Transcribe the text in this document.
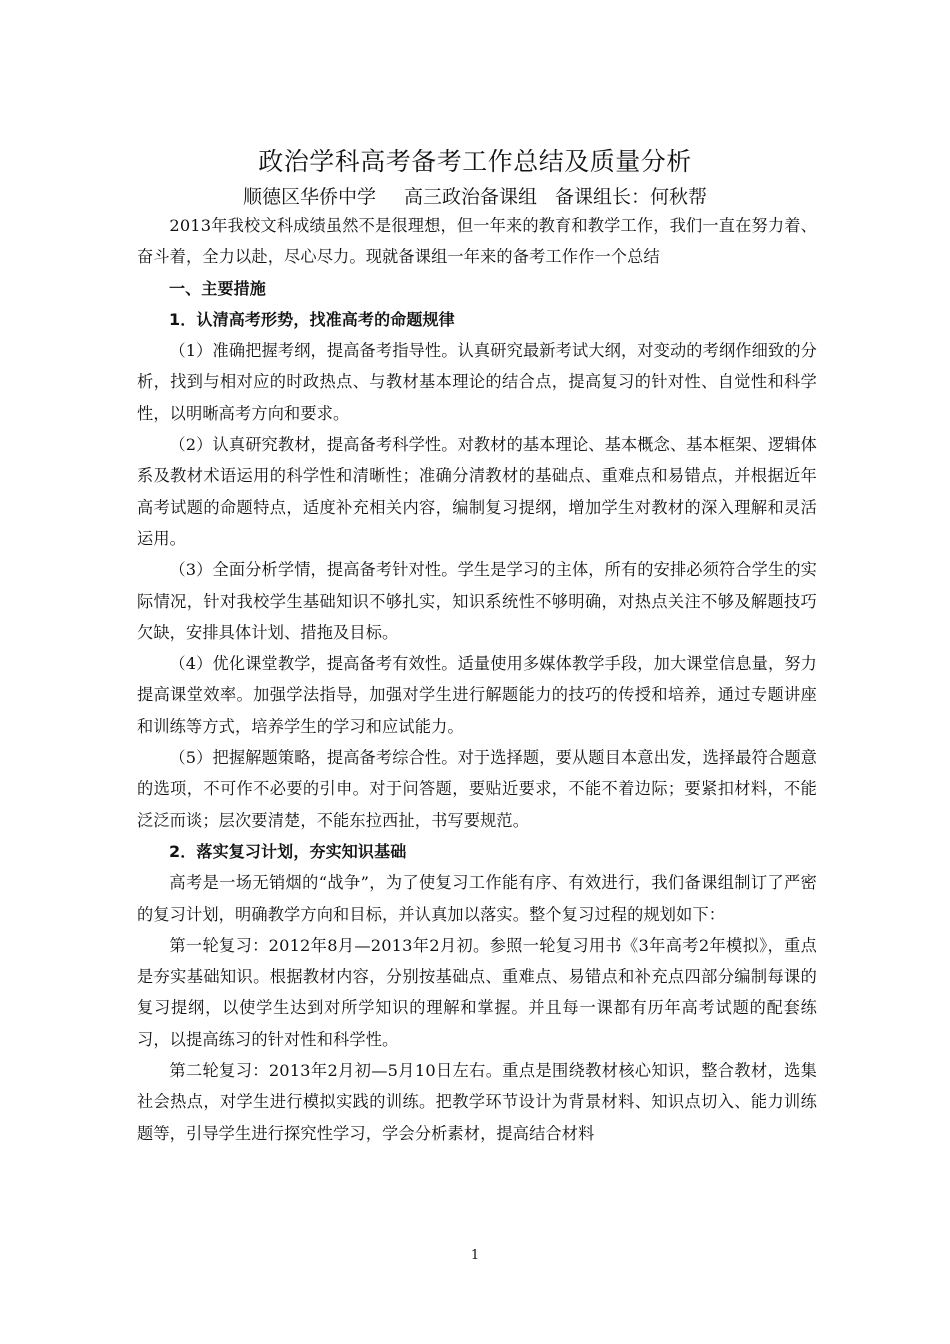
政治学科高考备考工作总结及质量分析
顺德区华侨中学 高三政治备课组 备课组长：何秋帮

2013年我校文科成绩虽然不是很理想，但一年来的教育和教学工作，我们一直在努力着、奋斗着，全力以赴，尽心尽力。现就备课组一年来的备考工作作一个总结

一、主要措施

1．认清高考形势，找准高考的命题规律

（1）准确把握考纲，提高备考指导性。认真研究最新考试大纲，对变动的考纲作细致的分析，找到与相对应的时政热点、与教材基本理论的结合点，提高复习的针对性、自觉性和科学性，以明晰高考方向和要求。

（2）认真研究教材，提高备考科学性。对教材的基本理论、基本概念、基本框架、逻辑体系及教材术语运用的科学性和清晰性；准确分清教材的基础点、重难点和易错点，并根据近年高考试题的命题特点，适度补充相关内容，编制复习提纲，增加学生对教材的深入理解和灵活运用。

（3）全面分析学情，提高备考针对性。学生是学习的主体，所有的安排必须符合学生的实际情况，针对我校学生基础知识不够扎实，知识系统性不够明确，对热点关注不够及解题技巧欠缺，安排具体计划、措拖及目标。

（4）优化课堂教学，提高备考有效性。适量使用多媒体教学手段，加大课堂信息量，努力提高课堂效率。加强学法指导，加强对学生进行解题能力的技巧的传授和培养，通过专题讲座和训练等方式，培养学生的学习和应试能力。

（5）把握解题策略，提高备考综合性。对于选择题，要从题目本意出发，选择最符合题意的选项，不可作不必要的引申。对于问答题，要贴近要求，不能不着边际；要紧扣材料，不能泛泛而谈；层次要清楚，不能东拉西扯，书写要规范。

2．落实复习计划，夯实知识基础

高考是一场无销烟的“战争”，为了使复习工作能有序、有效进行，我们备课组制订了严密的复习计划，明确教学方向和目标，并认真加以落实。整个复习过程的规划如下：

第一轮复习：2012年8月—2013年2月初。参照一轮复习用书《3年高考2年模拟》，重点是夯实基础知识。根据教材内容，分别按基础点、重难点、易错点和补充点四部分编制每课的复习提纲，以使学生达到对所学知识的理解和掌握。并且每一课都有历年高考试题的配套练习，以提高练习的针对性和科学性。

第二轮复习：2013年2月初—5月10日左右。重点是围绕教材核心知识，整合教材，选集社会热点，对学生进行模拟实践的训练。把教学环节设计为背景材料、知识点切入、能力训练题等，引导学生进行探究性学习，学会分析素材，提高结合材料

1
